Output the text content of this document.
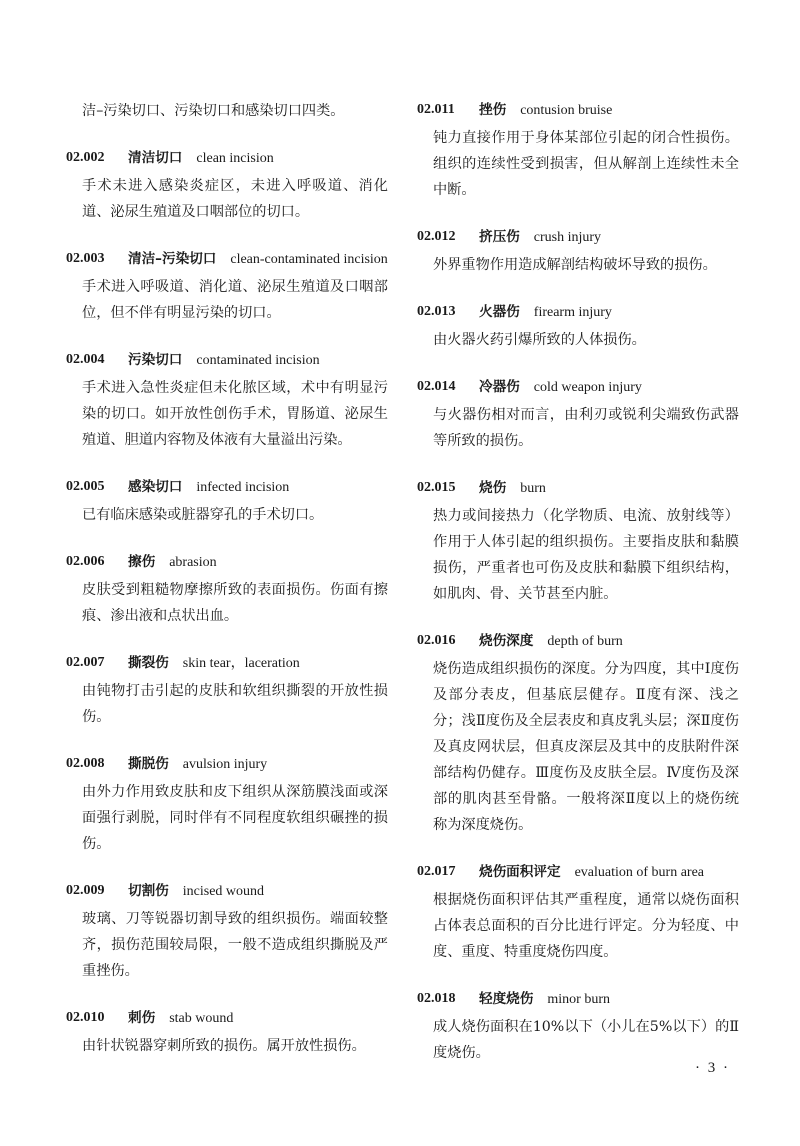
洁–污染切口、污染切口和感染切口四类。

02.002	清洁切口 clean incision
手术未进入感染炎症区，未进入呼吸道、消化道、泌尿生殖道及口咽部位的切口。
02.003	清洁–污染切口 clean-contaminated incision
手术进入呼吸道、消化道、泌尿生殖道及口咽部位，但不伴有明显污染的切口。
02.004	污染切口 contaminated incision
手术进入急性炎症但未化脓区域，术中有明显污染的切口。如开放性创伤手术，胃肠道、泌尿生殖道、胆道内容物及体液有大量溢出污染。
02.005	感染切口 infected incision
已有临床感染或脏器穿孔的手术切口。
02.006	擦伤 abrasion
皮肤受到粗糙物摩擦所致的表面损伤。伤面有擦痕、渗出液和点状出血。
02.007	撕裂伤 skin tear，laceration
由钝物打击引起的皮肤和软组织撕裂的开放性损伤。
02.008	撕脱伤 avulsion injury
由外力作用致皮肤和皮下组织从深筋膜浅面或深面强行剥脱，同时伴有不同程度软组织碾挫的损伤。
02.009	切割伤 incised wound
玻璃、刀等锐器切割导致的组织损伤。端面较整齐，损伤范围较局限，一般不造成组织撕脱及严重挫伤。
02.010	刺伤 stab wound
由针状锐器穿刺所致的损伤。属开放性损伤。
02.011	挫伤 contusion bruise
钝力直接作用于身体某部位引起的闭合性损伤。组织的连续性受到损害，但从解剖上连续性未全中断。
02.012	挤压伤 crush injury
外界重物作用造成解剖结构破坏导致的损伤。
02.013	火器伤 firearm injury
由火器火药引爆所致的人体损伤。
02.014	冷器伤 cold weapon injury
与火器伤相对而言，由利刃或锐利尖端致伤武器等所致的损伤。
02.015	烧伤 burn
热力或间接热力（化学物质、电流、放射线等）作用于人体引起的组织损伤。主要指皮肤和黏膜损伤，严重者也可伤及皮肤和黏膜下组织结构，如肌肉、骨、关节甚至内脏。
02.016	烧伤深度 depth of burn
烧伤造成组织损伤的深度。分为四度，其中Ⅰ度伤及部分表皮，但基底层健存。Ⅱ度有深、浅之分；浅Ⅱ度伤及全层表皮和真皮乳头层；深Ⅱ度伤及真皮网状层，但真皮深层及其中的皮肤附件深部结构仍健存。Ⅲ度伤及皮肤全层。Ⅳ度伤及深部的肌肉甚至骨骼。一般将深Ⅱ度以上的烧伤统称为深度烧伤。
02.017	烧伤面积评定 evaluation of burn area
根据烧伤面积评估其严重程度，通常以烧伤面积占体表总面积的百分比进行评定。分为轻度、中度、重度、特重度烧伤四度。
02.018	轻度烧伤 minor burn
成人烧伤面积在10%以下（小儿在5%以下）的Ⅱ度烧伤。
· 3 ·
